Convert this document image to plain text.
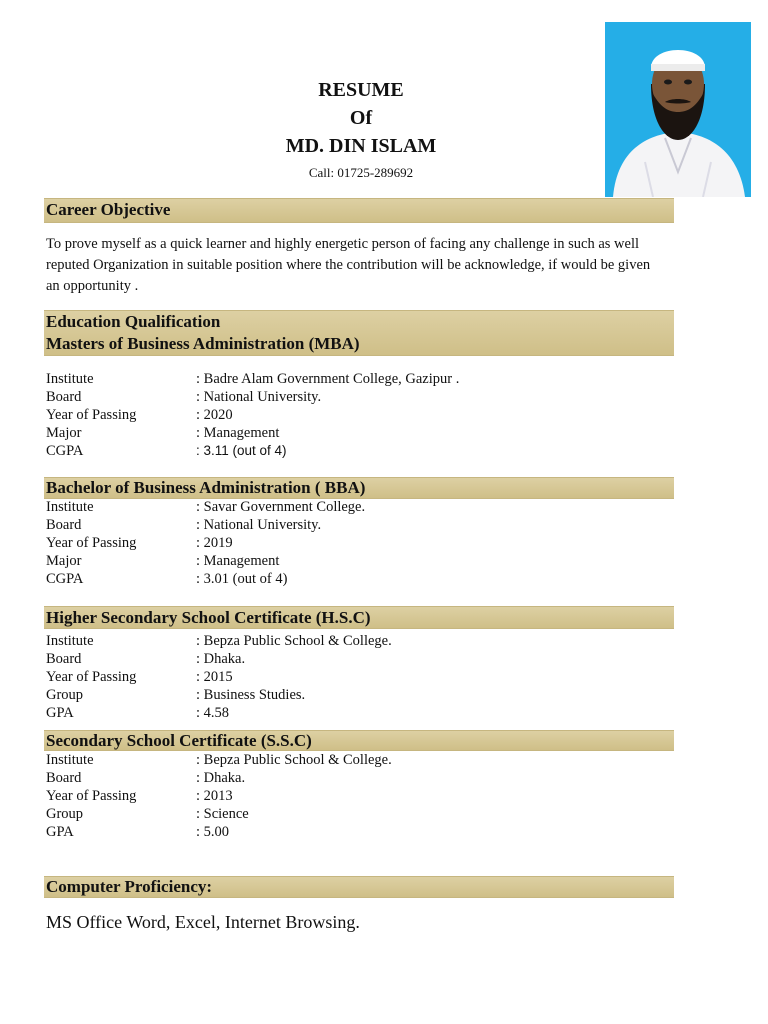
RESUME
Of
MD. DIN ISLAM
Call: 01725-289692
Career Objective
To prove myself as a quick learner and highly energetic person of facing any challenge in such as well reputed Organization in suitable position where the contribution will be acknowledge, if would be given an opportunity .
Education Qualification
Masters of Business Administration (MBA)
Institute	: Badre Alam Government College, Gazipur .
Board	: National University.
Year of Passing	: 2020
Major	: Management
CGPA	: 3.11 (out of 4)
Bachelor of Business Administration ( BBA)
Institute	: Savar Government College.
Board	: National University.
Year of Passing	: 2019
Major	: Management
CGPA	: 3.01 (out of 4)
Higher Secondary School Certificate (H.S.C)
Institute	: Bepza Public School & College.
Board	: Dhaka.
Year of Passing	: 2015
Group	: Business Studies.
GPA	: 4.58
Secondary School Certificate (S.S.C)
Institute	: Bepza Public School & College.
Board	: Dhaka.
Year of Passing	: 2013
Group	: Science
GPA	: 5.00
Computer Proficiency:
MS Office Word, Excel, Internet Browsing.
